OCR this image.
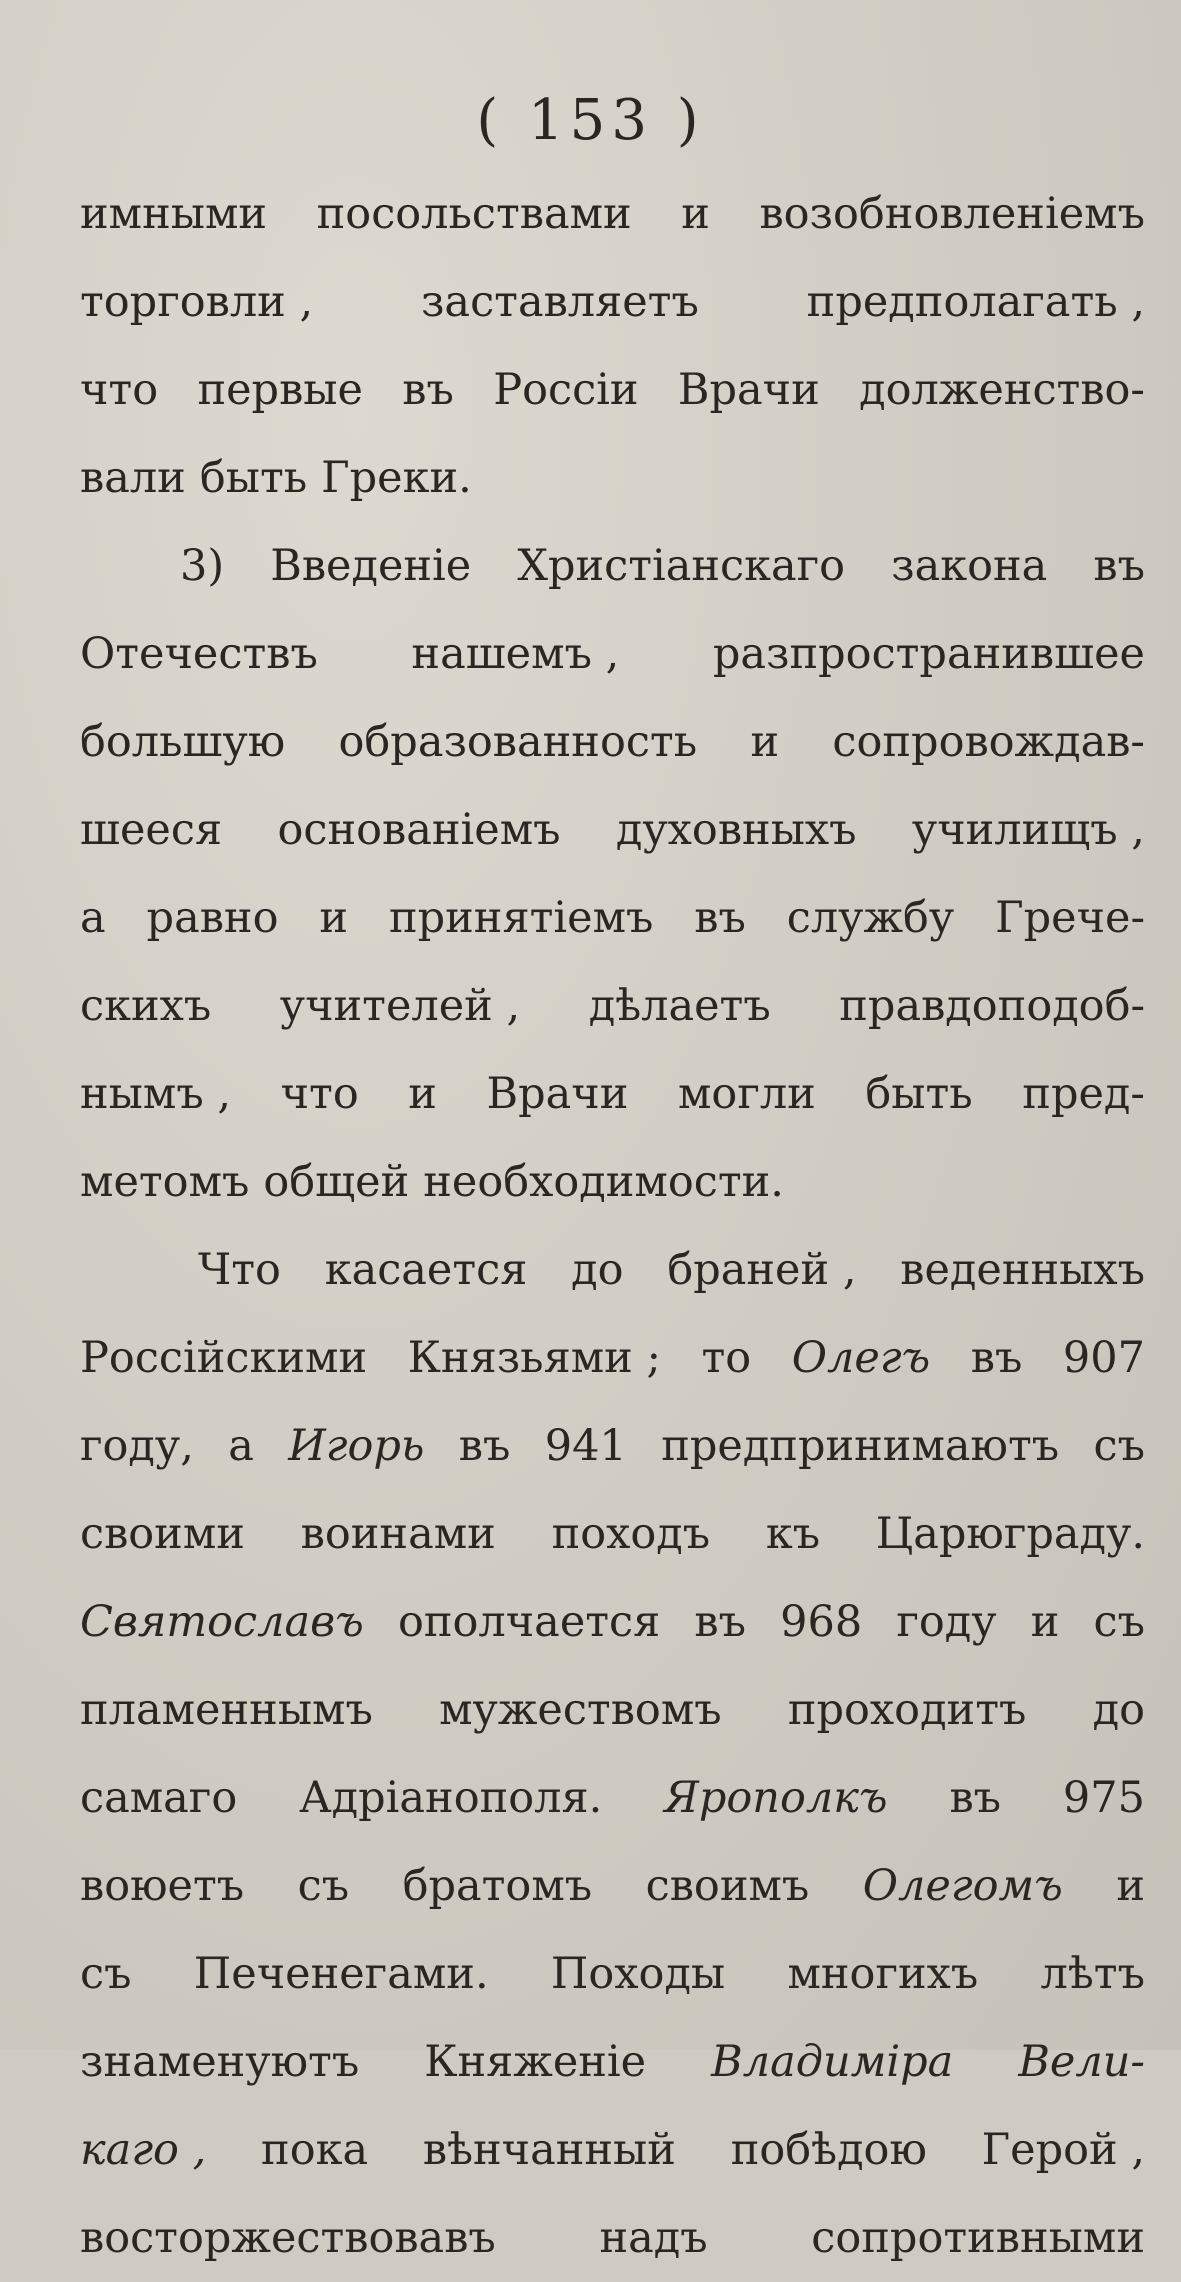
( 153 )
имными посольствами и возобновленіемъ
торговли ,	заставляетъ	предполагать ,
что первые въ Россіи Врачи долженство-
вали быть Греки.
3) Введеніе Христіанскаго закона въ
Отечествъ нашемъ , разпространившее
большую образованность и сопровождав-
шееся основаніемъ духовныхъ училищъ ,
а равно и принятіемъ въ службу Грече-
скихъ учителей , дѣлаетъ правдоподоб-
нымъ , что и Врачи могли быть пред-
метомъ общей необходимости.
Что касается до браней , веденныхъ
Россійскими Князьями ; то Олегъ въ 907
году, а Игорь въ 941 предпринимаютъ съ
своими воинами походъ къ Царюграду.
Святославъ ополчается въ 968 году и съ
пламеннымъ мужествомъ проходитъ до
самаго Адріанополя. Ярополкъ въ 975
воюетъ съ братомъ своимъ Олегомъ и
съ Печенегами. Походы многихъ лѣтъ
знаменуютъ Княженіе Владиміра Вели-
каго , пока вѣнчанный побѣдою Герой ,
восторжествовавъ надъ сопротивными
